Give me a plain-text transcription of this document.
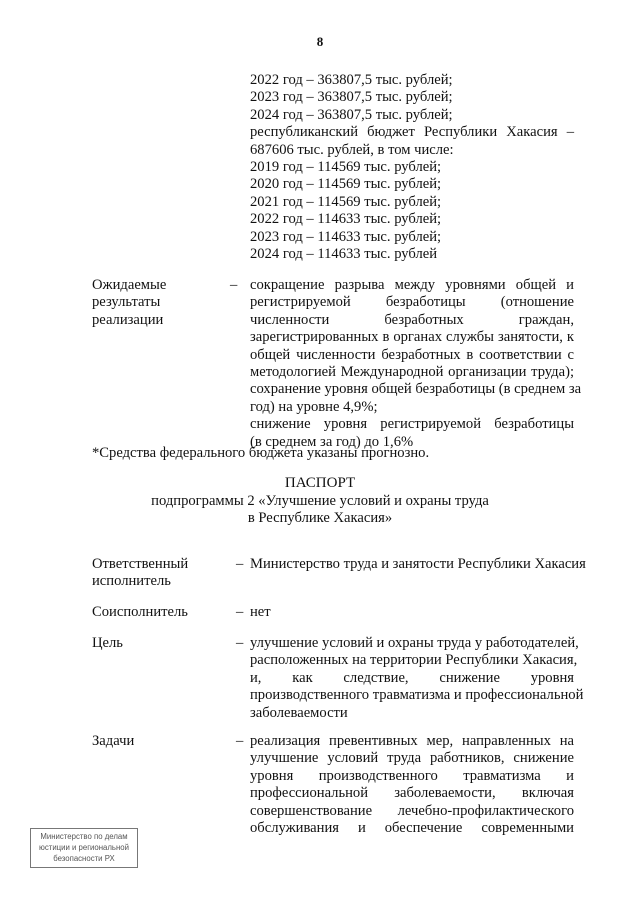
8
2022 год – 363807,5 тыс. рублей;
2023 год – 363807,5 тыс. рублей;
2024 год – 363807,5 тыс. рублей;
республиканский бюджет Республики Хакасия –
687606 тыс. рублей, в том числе:
2019 год – 114569 тыс. рублей;
2020 год – 114569 тыс. рублей;
2021 год – 114569 тыс. рублей;
2022 год – 114633 тыс. рублей;
2023 год – 114633 тыс. рублей;
2024 год – 114633 тыс. рублей
Ожидаемые
результаты
реализации
– сокращение разрыва между уровнями общей и
регистрируемой безработицы (отношение
численности безработных граждан,
зарегистрированных в органах службы занятости, к
общей численности безработных в соответствии с
методологией Международной организации труда);
сохранение уровня общей безработицы (в среднем за
год) на уровне 4,9%;
снижение уровня регистрируемой безработицы
(в среднем за год) до 1,6%
*Средства федерального бюджета указаны прогнозно.
ПАСПОРТ
подпрограммы 2 «Улучшение условий и охраны труда
в Республике Хакасия»
Ответственный
исполнитель
– Министерство труда и занятости Республики Хакасия
Соисполнитель	– нет
Цель	– улучшение условий и охраны труда у работодателей,
расположенных на территории Республики Хакасия,
и, как следствие, снижение уровня
производственного травматизма и профессиональной
заболеваемости
Задачи	– реализация превентивных мер, направленных на
улучшение условий труда работников, снижение
уровня производственного травматизма и
профессиональной заболеваемости, включая
совершенствование лечебно-профилактического
обслуживания и обеспечение современными
Министерство по делам
юстиции и региональной
безопасности РХ
